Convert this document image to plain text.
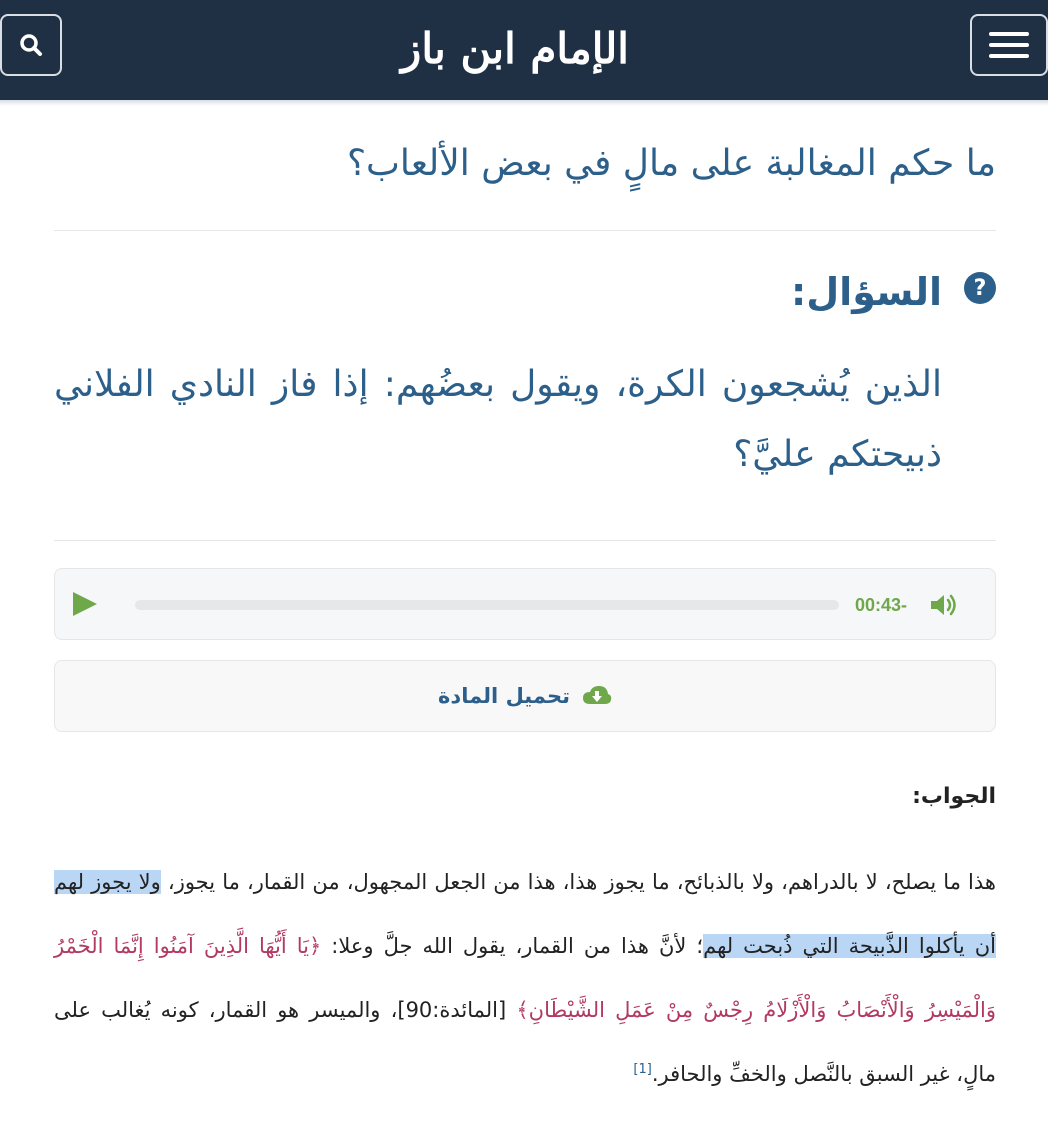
الإمام ابن باز
ما حكم المغالبة على مالٍ في بعض الألعاب؟
?
السؤال:

الذين يُشجعون الكرة، ويقول بعضُهم: إذا فاز النادي الفلاني ذبيحتكم عليَّ؟

00:43-
تحميل المادة
الجواب:

هذا ما يصلح، لا بالدراهم، ولا بالذبائح، ما يجوز هذا، هذا من الجعل المجهول، من القمار، ما يجوز، ولا يجوز لهم أن يأكلوا الذَّبيحة التي ذُبحت لهم؛ لأنَّ هذا من القمار، يقول الله جلَّ وعلا: ﴿يَا أَيُّهَا الَّذِينَ آمَنُوا إِنَّمَا الْخَمْرُ وَالْمَيْسِرُ وَالْأَنْصَابُ وَالْأَزْلَامُ رِجْسٌ مِنْ عَمَلِ الشَّيْطَانِ﴾ [المائدة:90]، والميسر هو القمار، كونه يُغالب على مالٍ، غير السبق بالنَّصل والخفِّ والحافر.[1]
